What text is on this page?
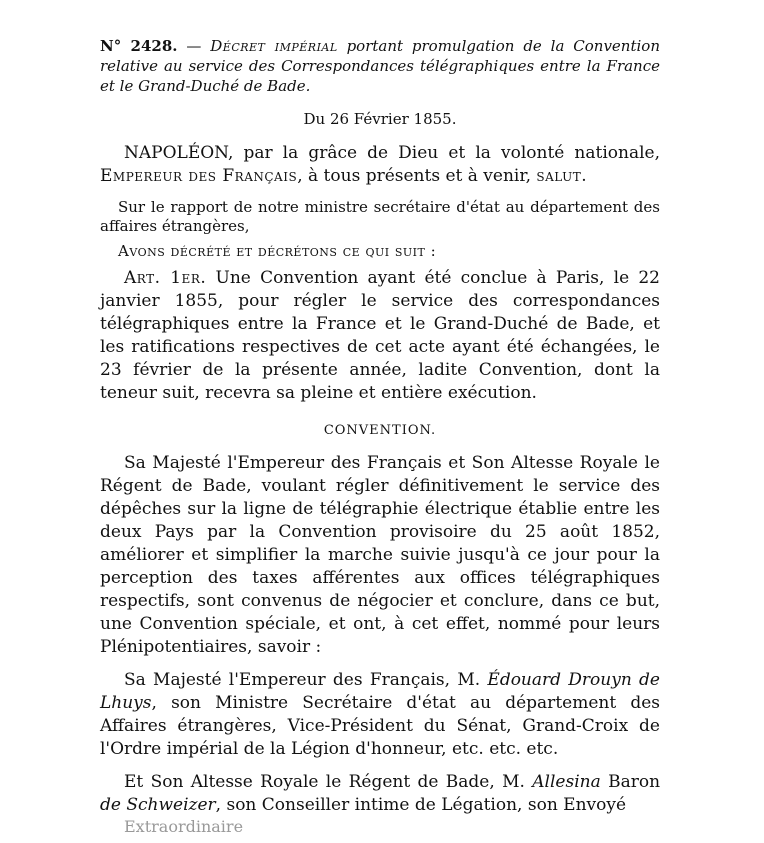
N° 2428. — Décret impérial portant promulgation de la Convention relative au service des Correspondances télégraphiques entre la France et le Grand-Duché de Bade.

Du 26 Février 1855.

NAPOLÉON, par la grâce de Dieu et la volonté nationale, Empereur des Français, à tous présents et à venir, salut.

Sur le rapport de notre ministre secrétaire d'état au département des affaires étrangères,

Avons décrété et décrétons ce qui suit :

Art. 1er. Une Convention ayant été conclue à Paris, le 22 janvier 1855, pour régler le service des correspondances télégraphiques entre la France et le Grand-Duché de Bade, et les ratifications respectives de cet acte ayant été échangées, le 23 février de la présente année, ladite Convention, dont la teneur suit, recevra sa pleine et entière exécution.

CONVENTION.

Sa Majesté l'Empereur des Français et Son Altesse Royale le Régent de Bade, voulant régler définitivement le service des dépêches sur la ligne de télégraphie électrique établie entre les deux Pays par la Convention provisoire du 25 août 1852, améliorer et simplifier la marche suivie jusqu'à ce jour pour la perception des taxes afférentes aux offices télégraphiques respectifs, sont convenus de négocier et conclure, dans ce but, une Convention spéciale, et ont, à cet effet, nommé pour leurs Plénipotentiaires, savoir :

Sa Majesté l'Empereur des Français, M. Édouard Drouyn de Lhuys, son Ministre Secrétaire d'état au département des Affaires étrangères, Vice-Président du Sénat, Grand-Croix de l'Ordre impérial de la Légion d'honneur, etc. etc. etc.

Et Son Altesse Royale le Régent de Bade, M. Allesina Baron de Schweizer, son Conseiller intime de Légation, son Envoyé

Extraordinaire
